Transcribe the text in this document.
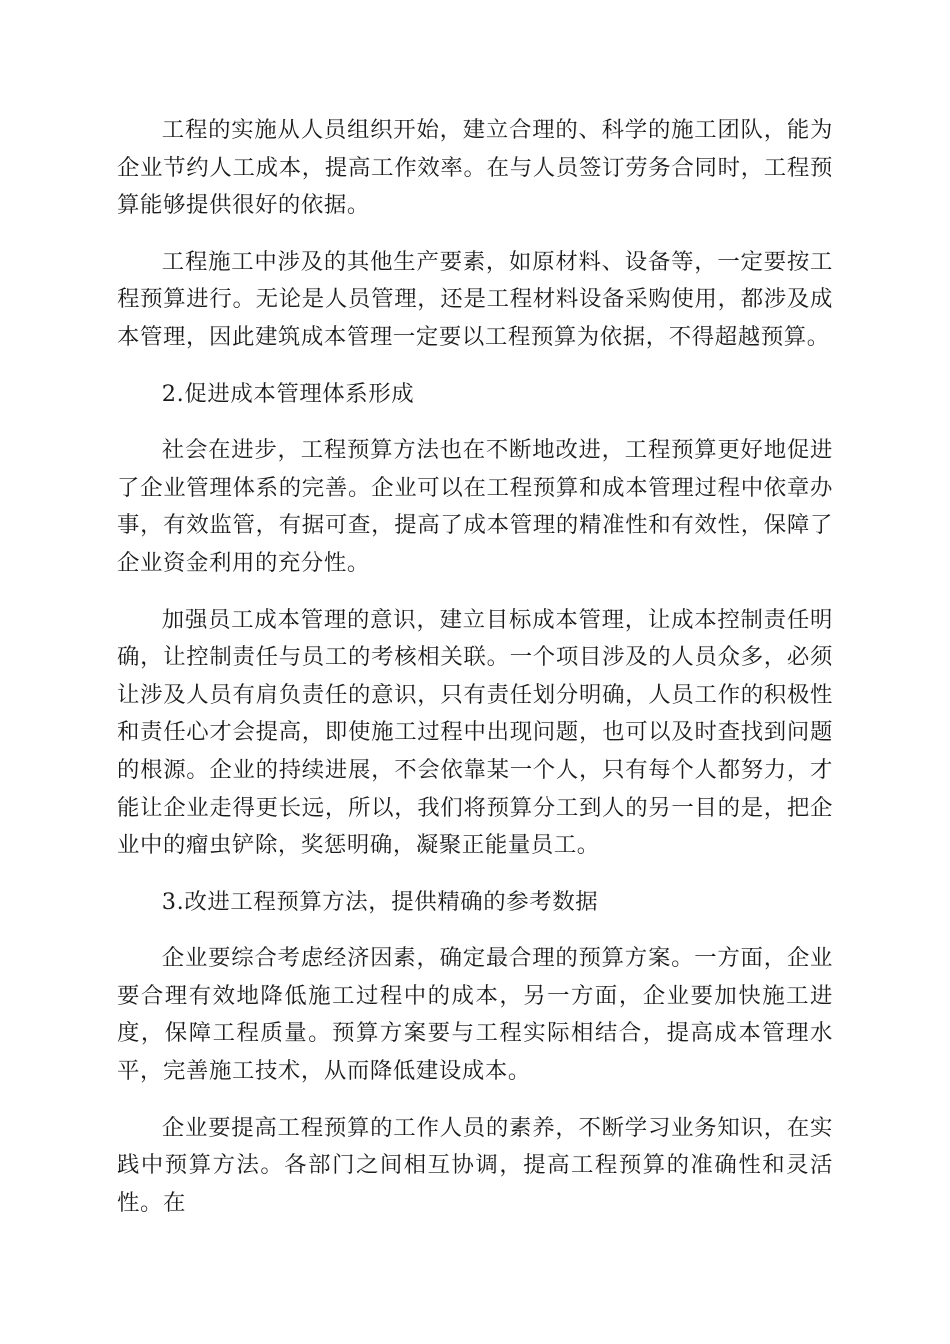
工程的实施从人员组织开始，建立合理的、科学的施工团队，能为企业节约人工成本，提高工作效率。在与人员签订劳务合同时，工程预算能够提供很好的依据。

工程施工中涉及的其他生产要素，如原材料、设备等，一定要按工程预算进行。无论是人员管理，还是工程材料设备采购使用，都涉及成本管理，因此建筑成本管理一定要以工程预算为依据，不得超越预算。

2.促进成本管理体系形成

社会在进步，工程预算方法也在不断地改进，工程预算更好地促进了企业管理体系的完善。企业可以在工程预算和成本管理过程中依章办事，有效监管，有据可查，提高了成本管理的精准性和有效性，保障了企业资金利用的充分性。

加强员工成本管理的意识，建立目标成本管理，让成本控制责任明确，让控制责任与员工的考核相关联。一个项目涉及的人员众多，必须让涉及人员有肩负责任的意识，只有责任划分明确，人员工作的积极性和责任心才会提高，即使施工过程中出现问题，也可以及时查找到问题的根源。企业的持续进展，不会依靠某一个人，只有每个人都努力，才能让企业走得更长远，所以，我们将预算分工到人的另一目的是，把企业中的瘤虫铲除，奖惩明确，凝聚正能量员工。

3.改进工程预算方法，提供精确的参考数据

企业要综合考虑经济因素，确定最合理的预算方案。一方面，企业要合理有效地降低施工过程中的成本，另一方面，企业要加快施工进度，保障工程质量。预算方案要与工程实际相结合，提高成本管理水平，完善施工技术，从而降低建设成本。

企业要提高工程预算的工作人员的素养，不断学习业务知识，在实践中预算方法。各部门之间相互协调，提高工程预算的准确性和灵活性。在
